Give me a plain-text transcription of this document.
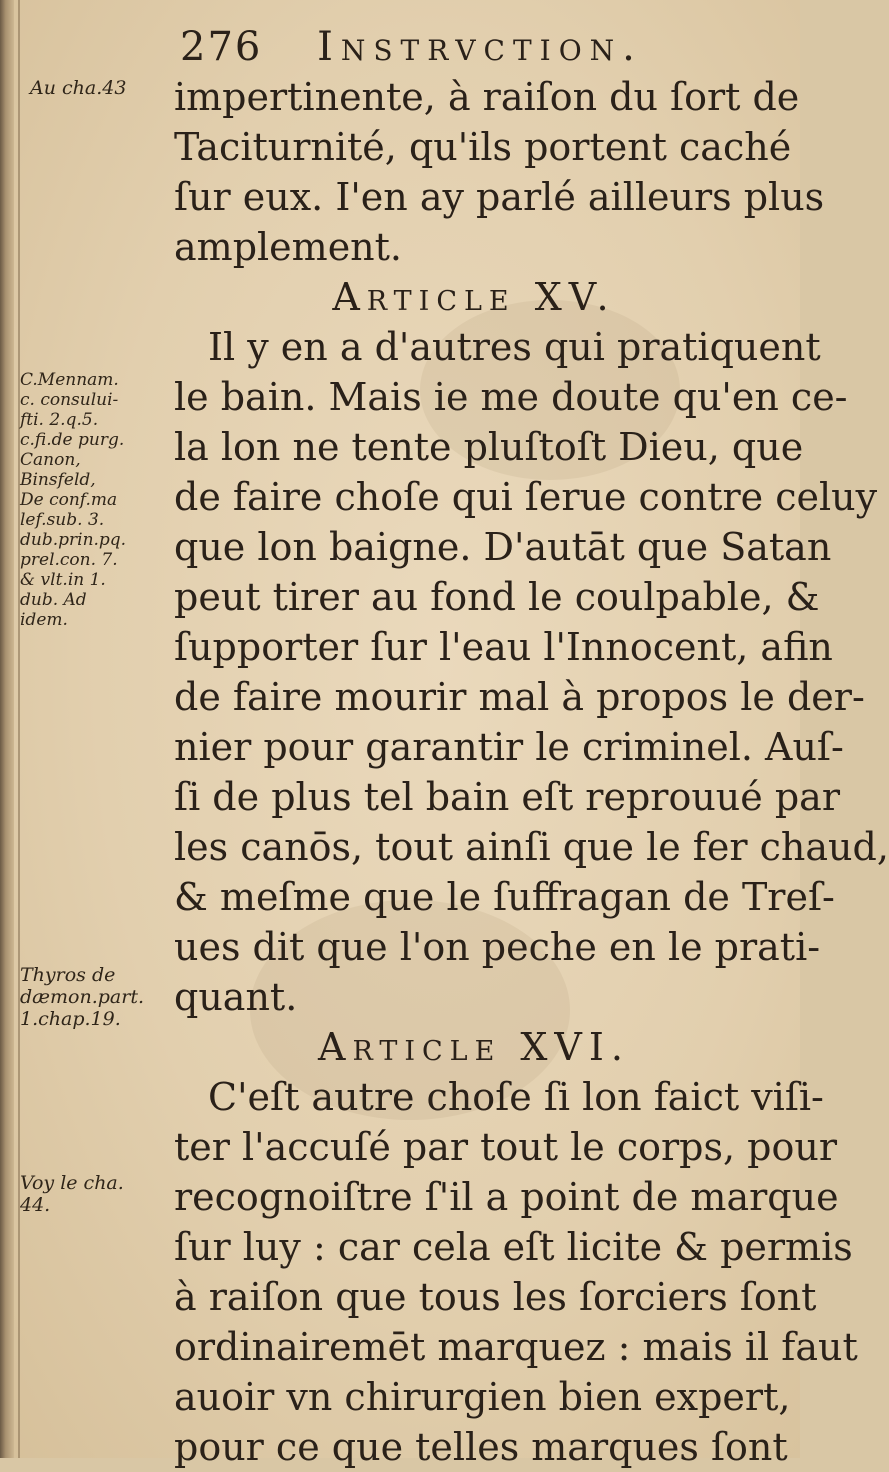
276 Instrvction.
Au cha.43
C.Mennam.
c. consului-
fti. 2.q.5.
c.fi.de purg.
Canon,
Binsfeld,
De conf.ma
lef.sub. 3.
dub.prin.pq.
prel.con. 7.
& vlt.in 1.
dub. Ad
idem.
Thyros de
dæmon.part.
1.chap.19.
Voy le cha.
44.
impertinente, à raiſon du ſort de
Taciturnité, qu'ils portent caché
ſur eux. I'en ay parlé ailleurs plus
amplement.
Article XV.
Il y en a d'autres qui pratiquent
le bain. Mais ie me doute qu'en ce-
la lon ne tente pluſtoſt Dieu, que
de faire choſe qui ſerue contre celuy
que lon baigne. D'autāt que Satan
peut tirer au fond le coulpable, &
ſupporter ſur l'eau l'Innocent, afin
de faire mourir mal à propos le der-
nier pour garantir le criminel. Auſ-
ſi de plus tel bain eſt reprouué par
les canōs, tout ainſi que le fer chaud,
& meſme que le ſuffragan de Treſ-
ues dit que l'on peche en le prati-
quant.
Article XVI.
C'eſt autre choſe ſi lon faict viſi-
ter l'accuſé par tout le corps, pour
recognoiſtre ſ'il a point de marque
ſur luy : car cela eſt licite & permis
à raiſon que tous les ſorciers ſont
ordinairemēt marquez : mais il faut
auoir vn chirurgien bien expert,
pour ce que telles marques ſont
